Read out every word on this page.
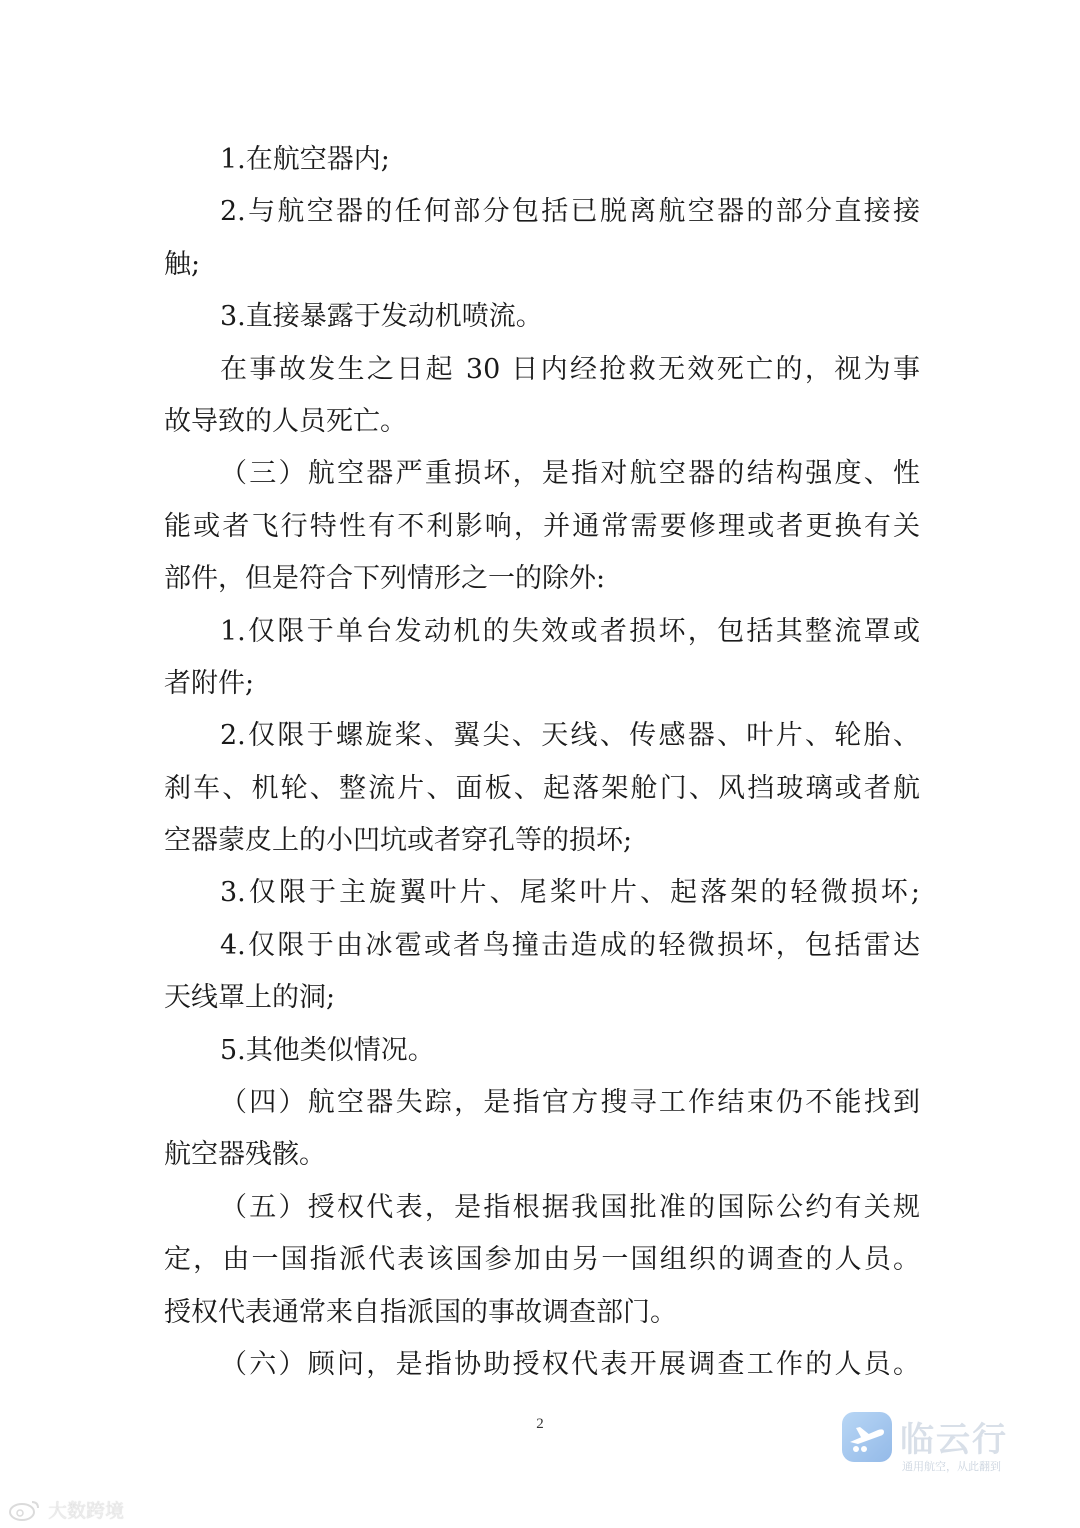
1.在航空器内;
2.与航空器的任何部分包括已脱离航空器的部分直接接
触;
3.直接暴露于发动机喷流。
在事故发生之日起 30 日内经抢救无效死亡的，视为事
故导致的人员死亡。
（三）航空器严重损坏，是指对航空器的结构强度、性
能或者飞行特性有不利影响，并通常需要修理或者更换有关
部件，但是符合下列情形之一的除外:
1.仅限于单台发动机的失效或者损坏，包括其整流罩或
者附件;
2.仅限于螺旋桨、翼尖、天线、传感器、叶片、轮胎、
刹车、机轮、整流片、面板、起落架舱门、风挡玻璃或者航
空器蒙皮上的小凹坑或者穿孔等的损坏;
3.仅限于主旋翼叶片、尾桨叶片、起落架的轻微损坏;
4.仅限于由冰雹或者鸟撞击造成的轻微损坏，包括雷达
天线罩上的洞;
5.其他类似情况。
（四）航空器失踪，是指官方搜寻工作结束仍不能找到
航空器残骸。
（五）授权代表，是指根据我国批准的国际公约有关规
定，由一国指派代表该国参加由另一国组织的调查的人员。
授权代表通常来自指派国的事故调查部门。
（六）顾问，是指协助授权代表开展调查工作的人员。
2	临云行
通用航空，从此翻到
大数跨境
